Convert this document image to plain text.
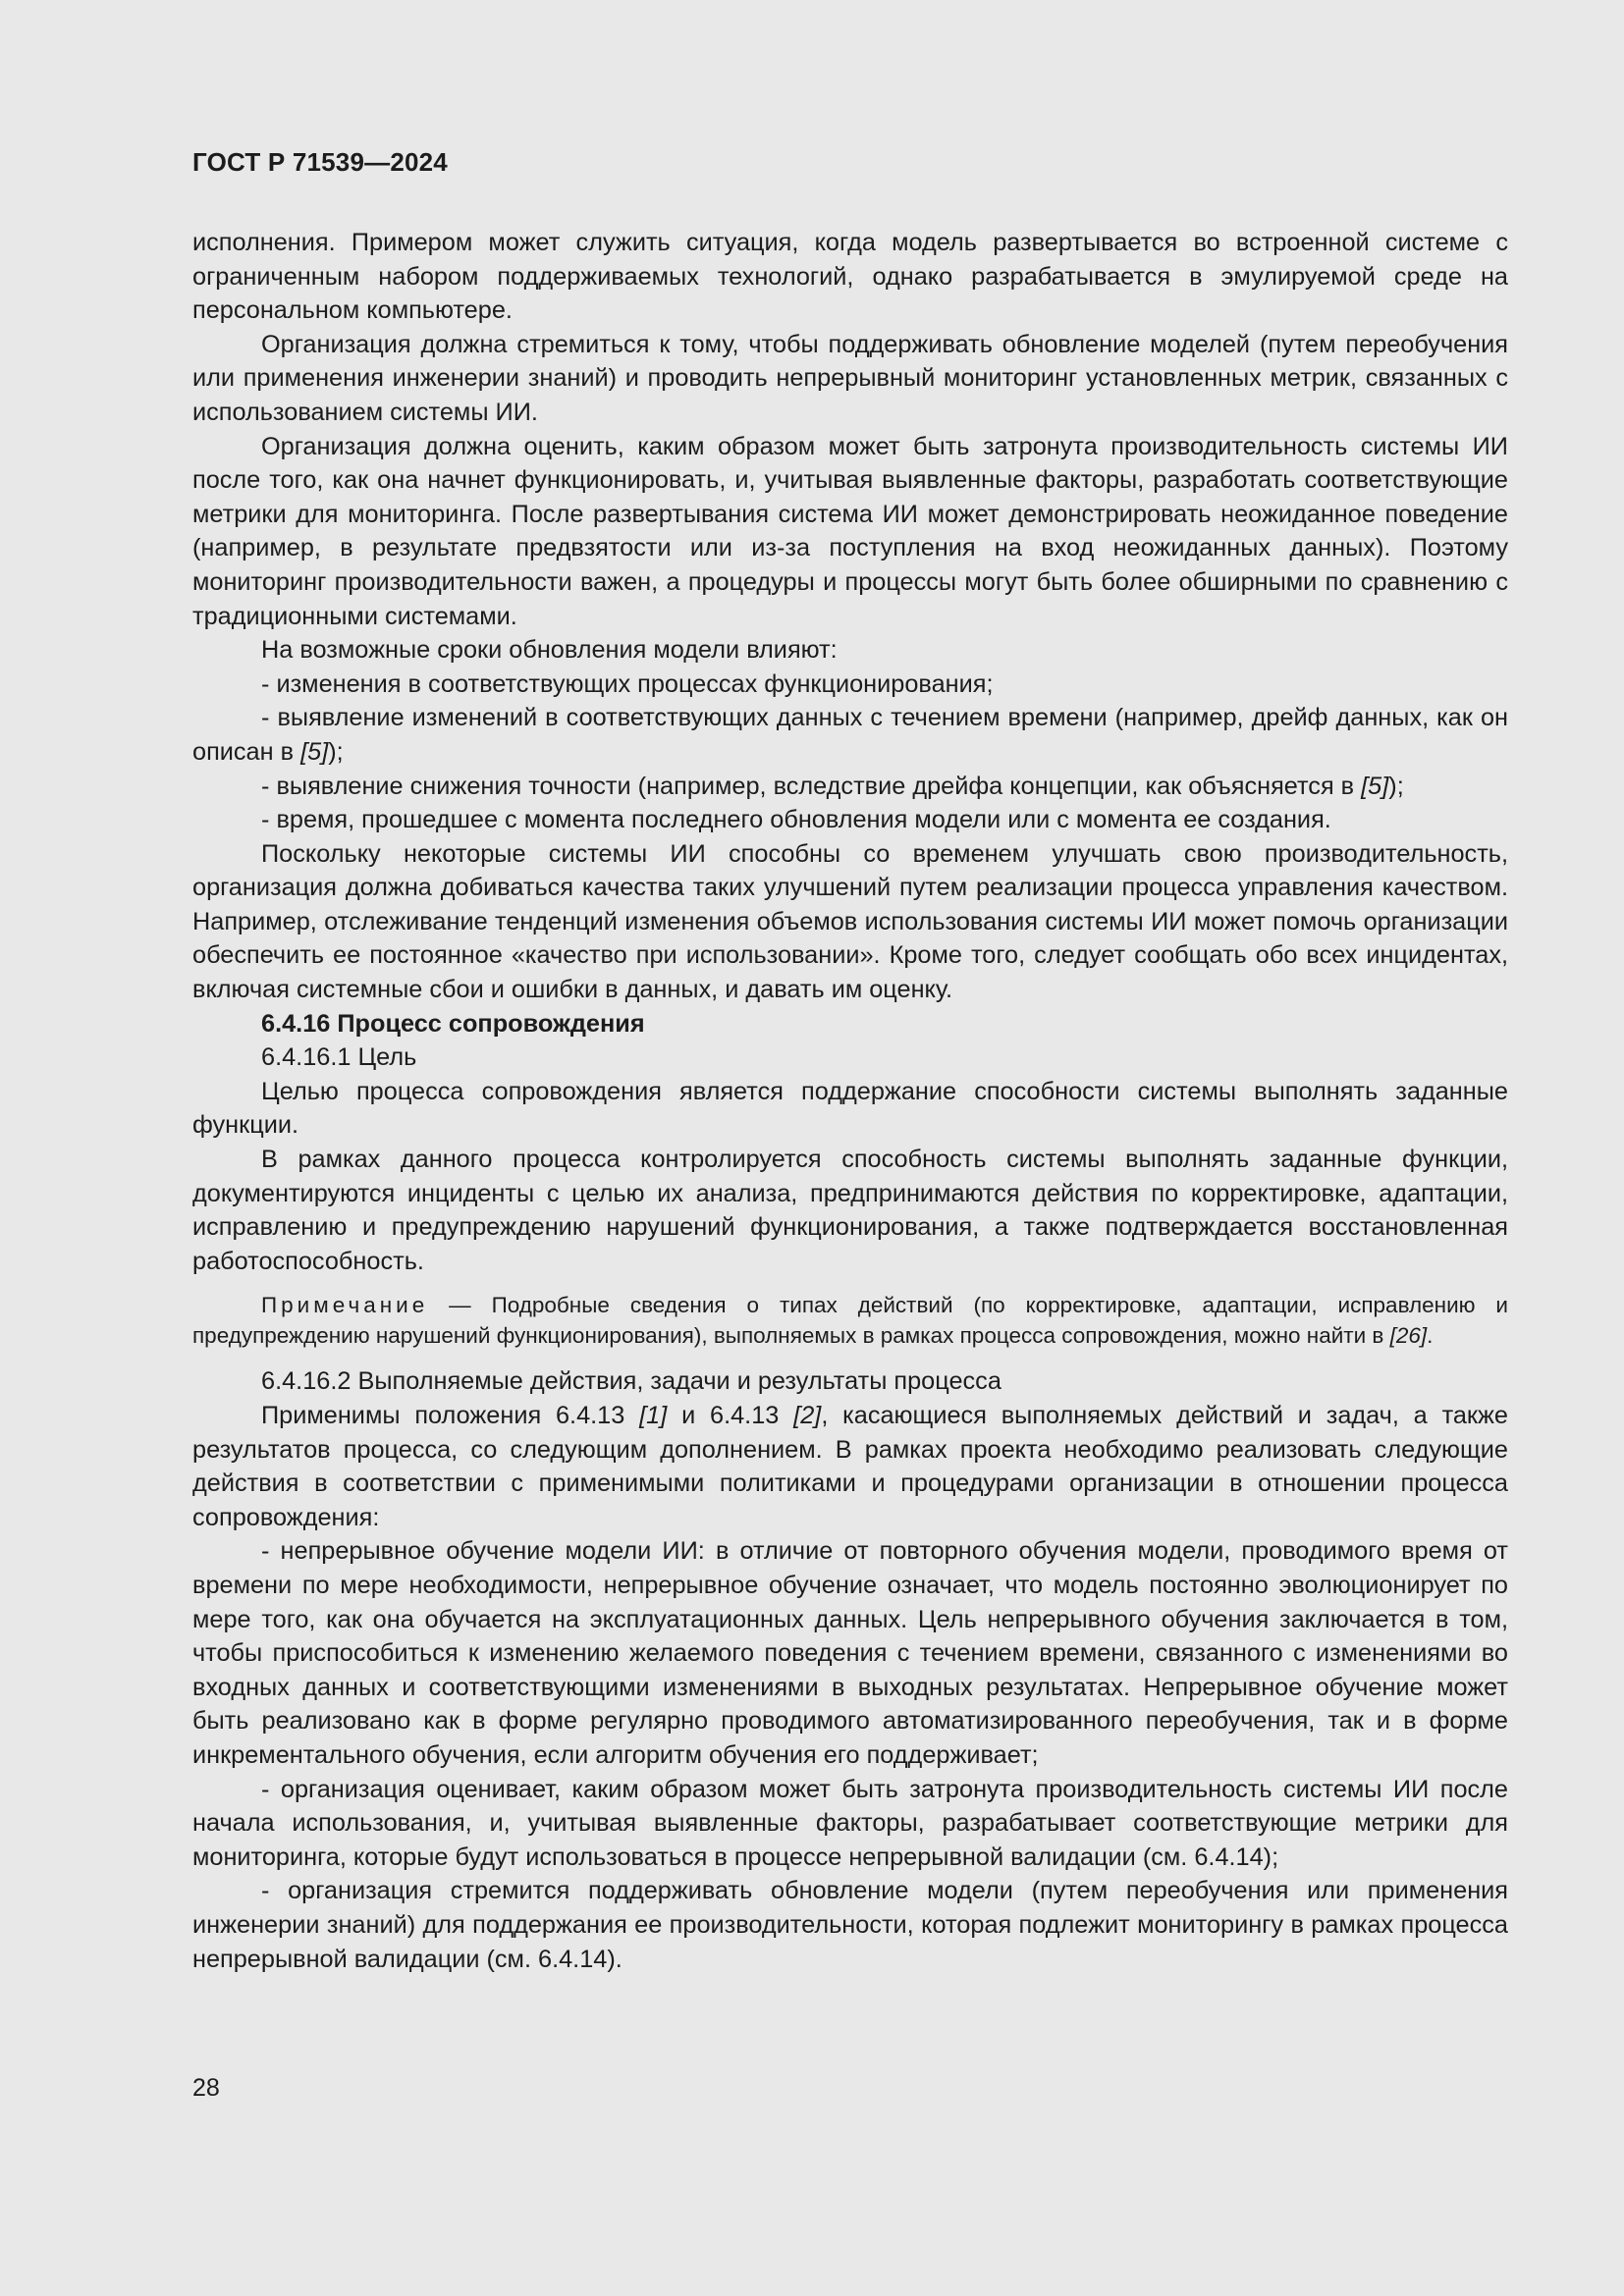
ГОСТ Р 71539—2024

исполнения. Примером может служить ситуация, когда модель развертывается во встроенной системе с ограниченным набором поддерживаемых технологий, однако разрабатывается в эмулируемой среде на персональном компьютере.

Организация должна стремиться к тому, чтобы поддерживать обновление моделей (путем переобучения или применения инженерии знаний) и проводить непрерывный мониторинг установленных метрик, связанных с использованием системы ИИ.

Организация должна оценить, каким образом может быть затронута производительность системы ИИ после того, как она начнет функционировать, и, учитывая выявленные факторы, разработать соответствующие метрики для мониторинга. После развертывания система ИИ может демонстрировать неожиданное поведение (например, в результате предвзятости или из-за поступления на вход неожиданных данных). Поэтому мониторинг производительности важен, а процедуры и процессы могут быть более обширными по сравнению с традиционными системами.

На возможные сроки обновления модели влияют:

- изменения в соответствующих процессах функционирования;

- выявление изменений в соответствующих данных с течением времени (например, дрейф данных, как он описан в [5]);

- выявление снижения точности (например, вследствие дрейфа концепции, как объясняется в [5]);

- время, прошедшее с момента последнего обновления модели или с момента ее создания.

Поскольку некоторые системы ИИ способны со временем улучшать свою производительность, организация должна добиваться качества таких улучшений путем реализации процесса управления качеством. Например, отслеживание тенденций изменения объемов использования системы ИИ может помочь организации обеспечить ее постоянное «качество при использовании». Кроме того, следует сообщать обо всех инцидентах, включая системные сбои и ошибки в данных, и давать им оценку.

6.4.16 Процесс сопровождения

6.4.16.1 Цель

Целью процесса сопровождения является поддержание способности системы выполнять заданные функции.

В рамках данного процесса контролируется способность системы выполнять заданные функции, документируются инциденты с целью их анализа, предпринимаются действия по корректировке, адаптации, исправлению и предупреждению нарушений функционирования, а также подтверждается восстановленная работоспособность.

Примечание — Подробные сведения о типах действий (по корректировке, адаптации, исправлению и предупреждению нарушений функционирования), выполняемых в рамках процесса сопровождения, можно найти в [26].

6.4.16.2 Выполняемые действия, задачи и результаты процесса

Применимы положения 6.4.13 [1] и 6.4.13 [2], касающиеся выполняемых действий и задач, а также результатов процесса, со следующим дополнением. В рамках проекта необходимо реализовать следующие действия в соответствии с применимыми политиками и процедурами организации в отношении процесса сопровождения:

- непрерывное обучение модели ИИ: в отличие от повторного обучения модели, проводимого время от времени по мере необходимости, непрерывное обучение означает, что модель постоянно эволюционирует по мере того, как она обучается на эксплуатационных данных. Цель непрерывного обучения заключается в том, чтобы приспособиться к изменению желаемого поведения с течением времени, связанного с изменениями во входных данных и соответствующими изменениями в выходных результатах. Непрерывное обучение может быть реализовано как в форме регулярно проводимого автоматизированного переобучения, так и в форме инкрементального обучения, если алгоритм обучения его поддерживает;

- организация оценивает, каким образом может быть затронута производительность системы ИИ после начала использования, и, учитывая выявленные факторы, разрабатывает соответствующие метрики для мониторинга, которые будут использоваться в процессе непрерывной валидации (см. 6.4.14);

- организация стремится поддерживать обновление модели (путем переобучения или применения инженерии знаний) для поддержания ее производительности, которая подлежит мониторингу в рамках процесса непрерывной валидации (см. 6.4.14).

28
